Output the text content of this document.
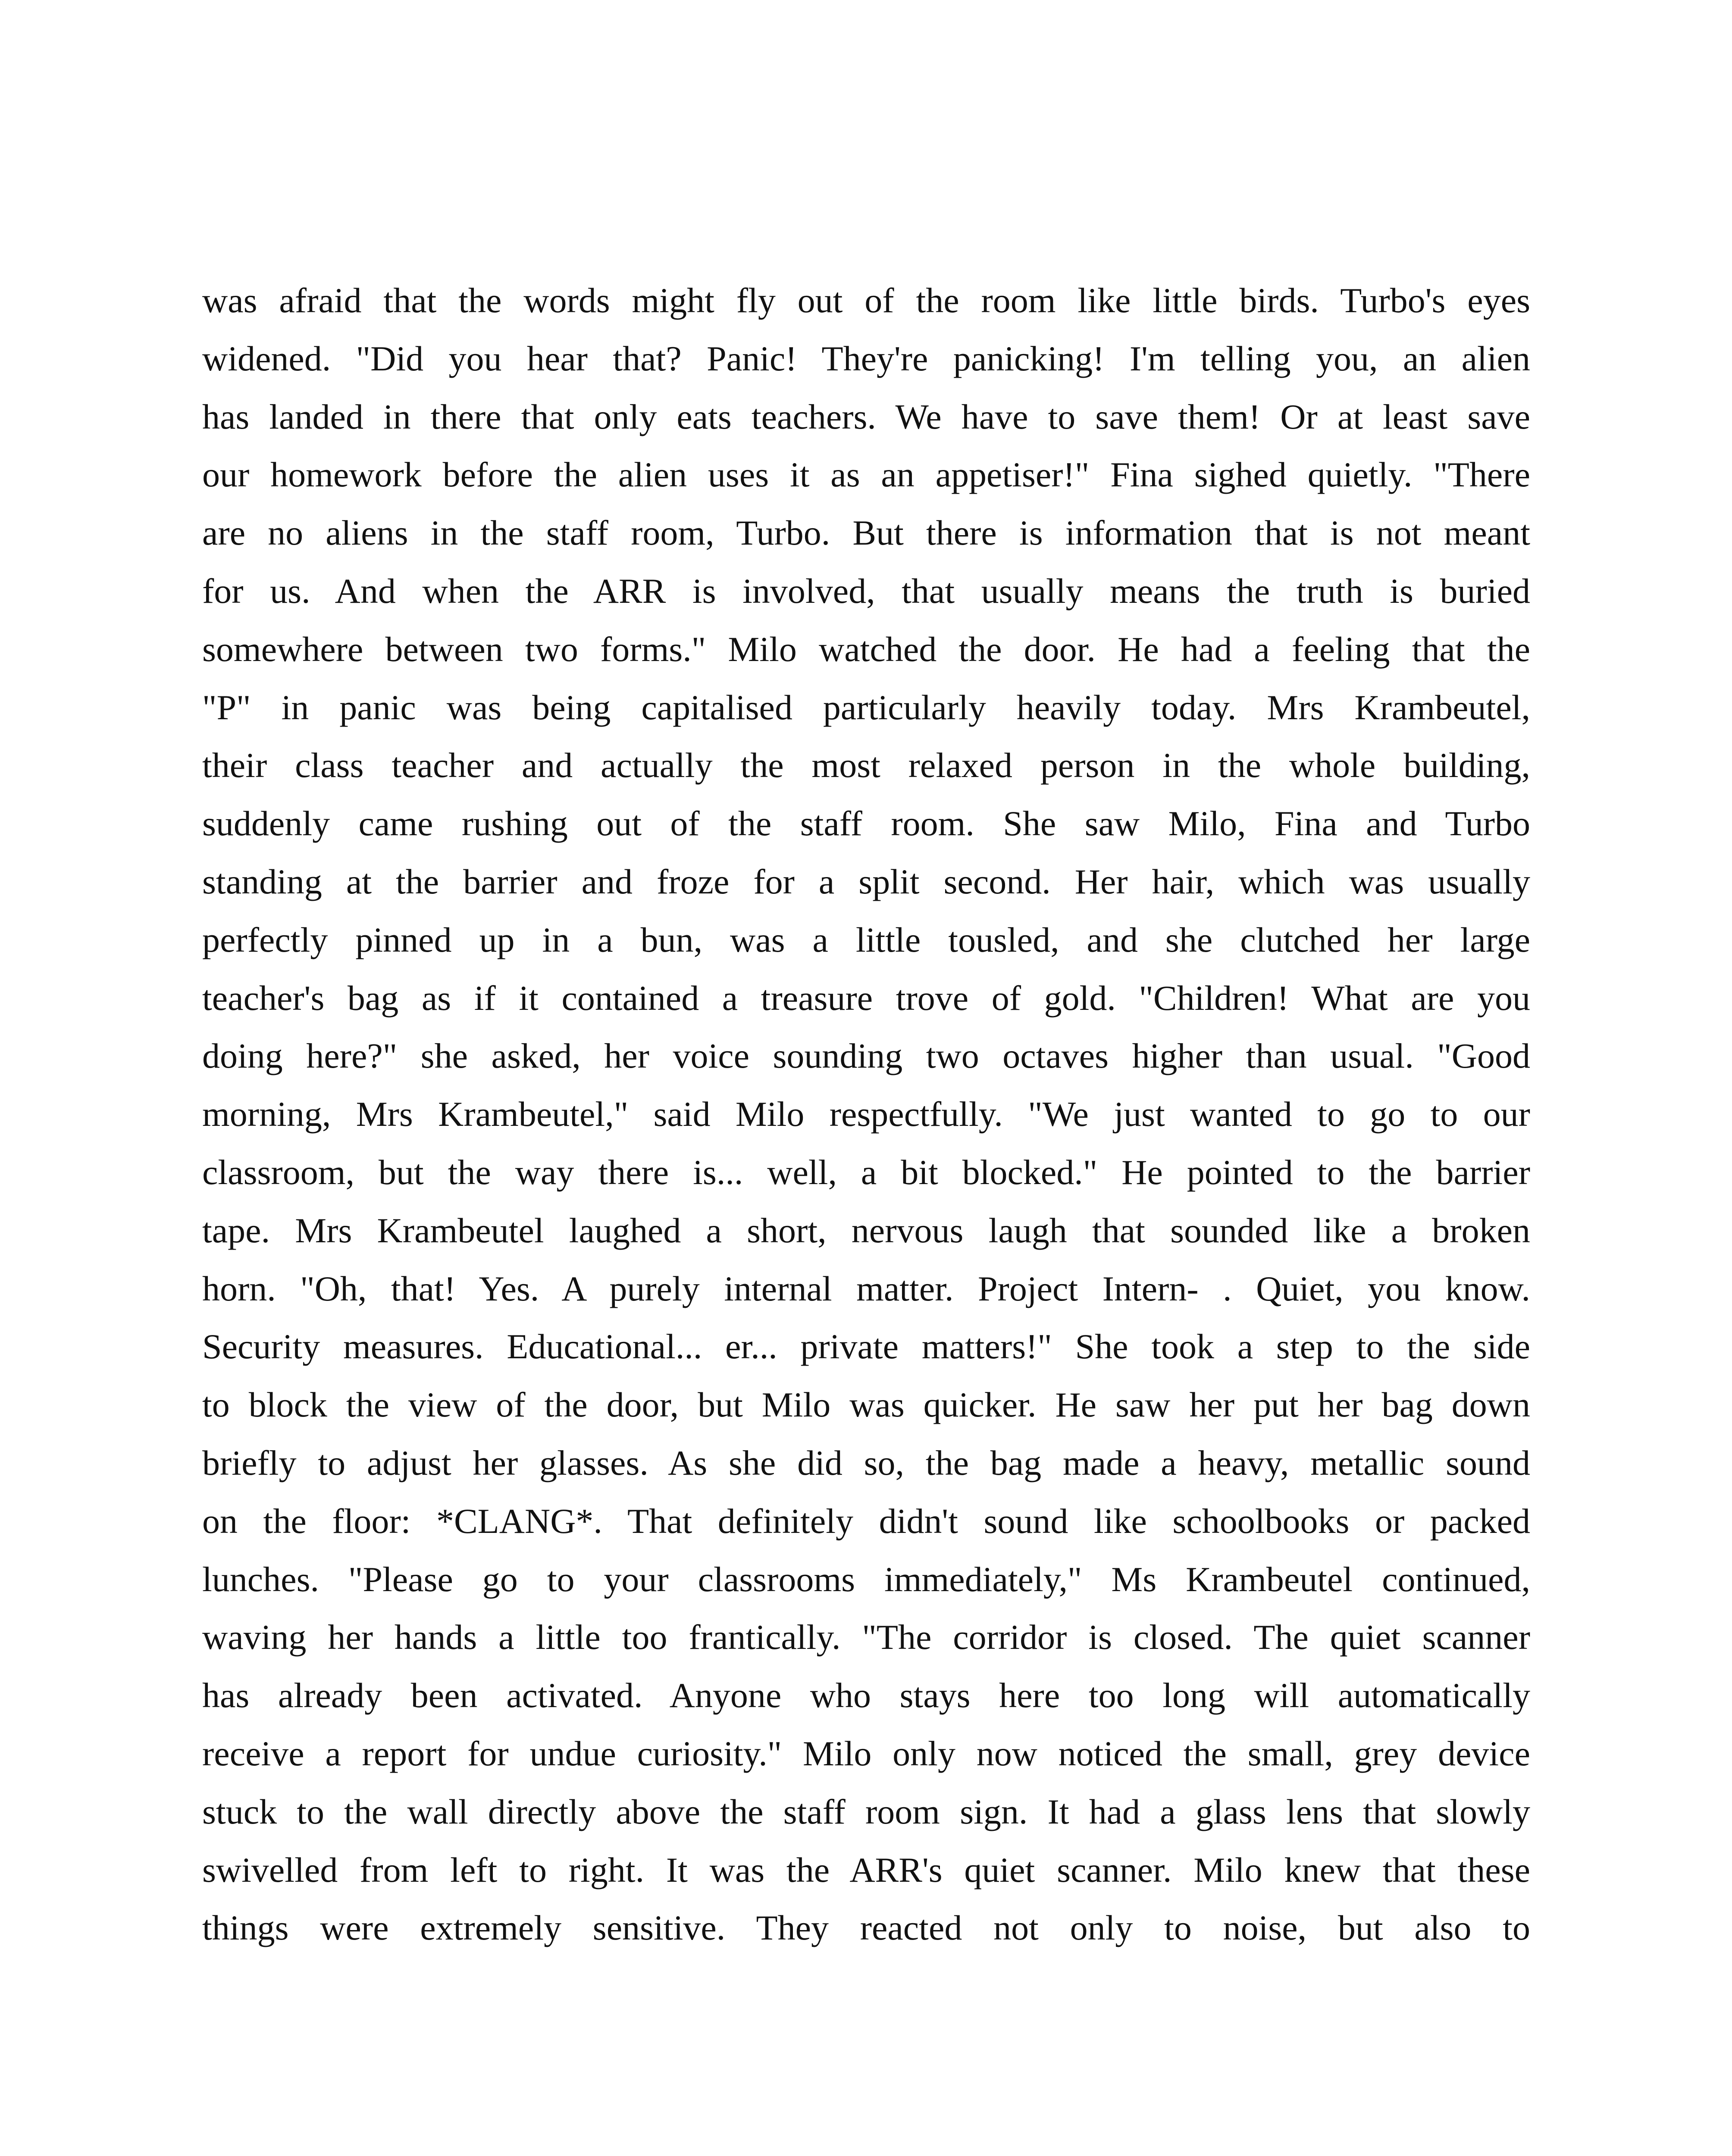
was afraid that the words might fly out of the room like little birds. Turbo's eyes
widened. "Did you hear that? Panic! They're panicking! I'm telling you, an alien
has landed in there that only eats teachers. We have to save them! Or at least save
our homework before the alien uses it as an appetiser!" Fina sighed quietly. "There
are no aliens in the staff room, Turbo. But there is information that is not meant
for us. And when the ARR is involved, that usually means the truth is buried
somewhere between two forms." Milo watched the door. He had a feeling that the
"P" in panic was being capitalised particularly heavily today. Mrs Krambeutel,
their class teacher and actually the most relaxed person in the whole building,
suddenly came rushing out of the staff room. She saw Milo, Fina and Turbo
standing at the barrier and froze for a split second. Her hair, which was usually
perfectly pinned up in a bun, was a little tousled, and she clutched her large
teacher's bag as if it contained a treasure trove of gold. "Children! What are you
doing here?" she asked, her voice sounding two octaves higher than usual. "Good
morning, Mrs Krambeutel," said Milo respectfully. "We just wanted to go to our
classroom, but the way there is... well, a bit blocked." He pointed to the barrier
tape. Mrs Krambeutel laughed a short, nervous laugh that sounded like a broken
horn. "Oh, that! Yes. A purely internal matter. Project Intern- . Quiet, you know.
Security measures. Educational... er... private matters!" She took a step to the side
to block the view of the door, but Milo was quicker. He saw her put her bag down
briefly to adjust her glasses. As she did so, the bag made a heavy, metallic sound
on the floor: *CLANG*. That definitely didn't sound like schoolbooks or packed
lunches. "Please go to your classrooms immediately," Ms Krambeutel continued,
waving her hands a little too frantically. "The corridor is closed. The quiet scanner
has already been activated. Anyone who stays here too long will automatically
receive a report for undue curiosity." Milo only now noticed the small, grey device
stuck to the wall directly above the staff room sign. It had a glass lens that slowly
swivelled from left to right. It was the ARR's quiet scanner. Milo knew that these
things were extremely sensitive. They reacted not only to noise, but also to
